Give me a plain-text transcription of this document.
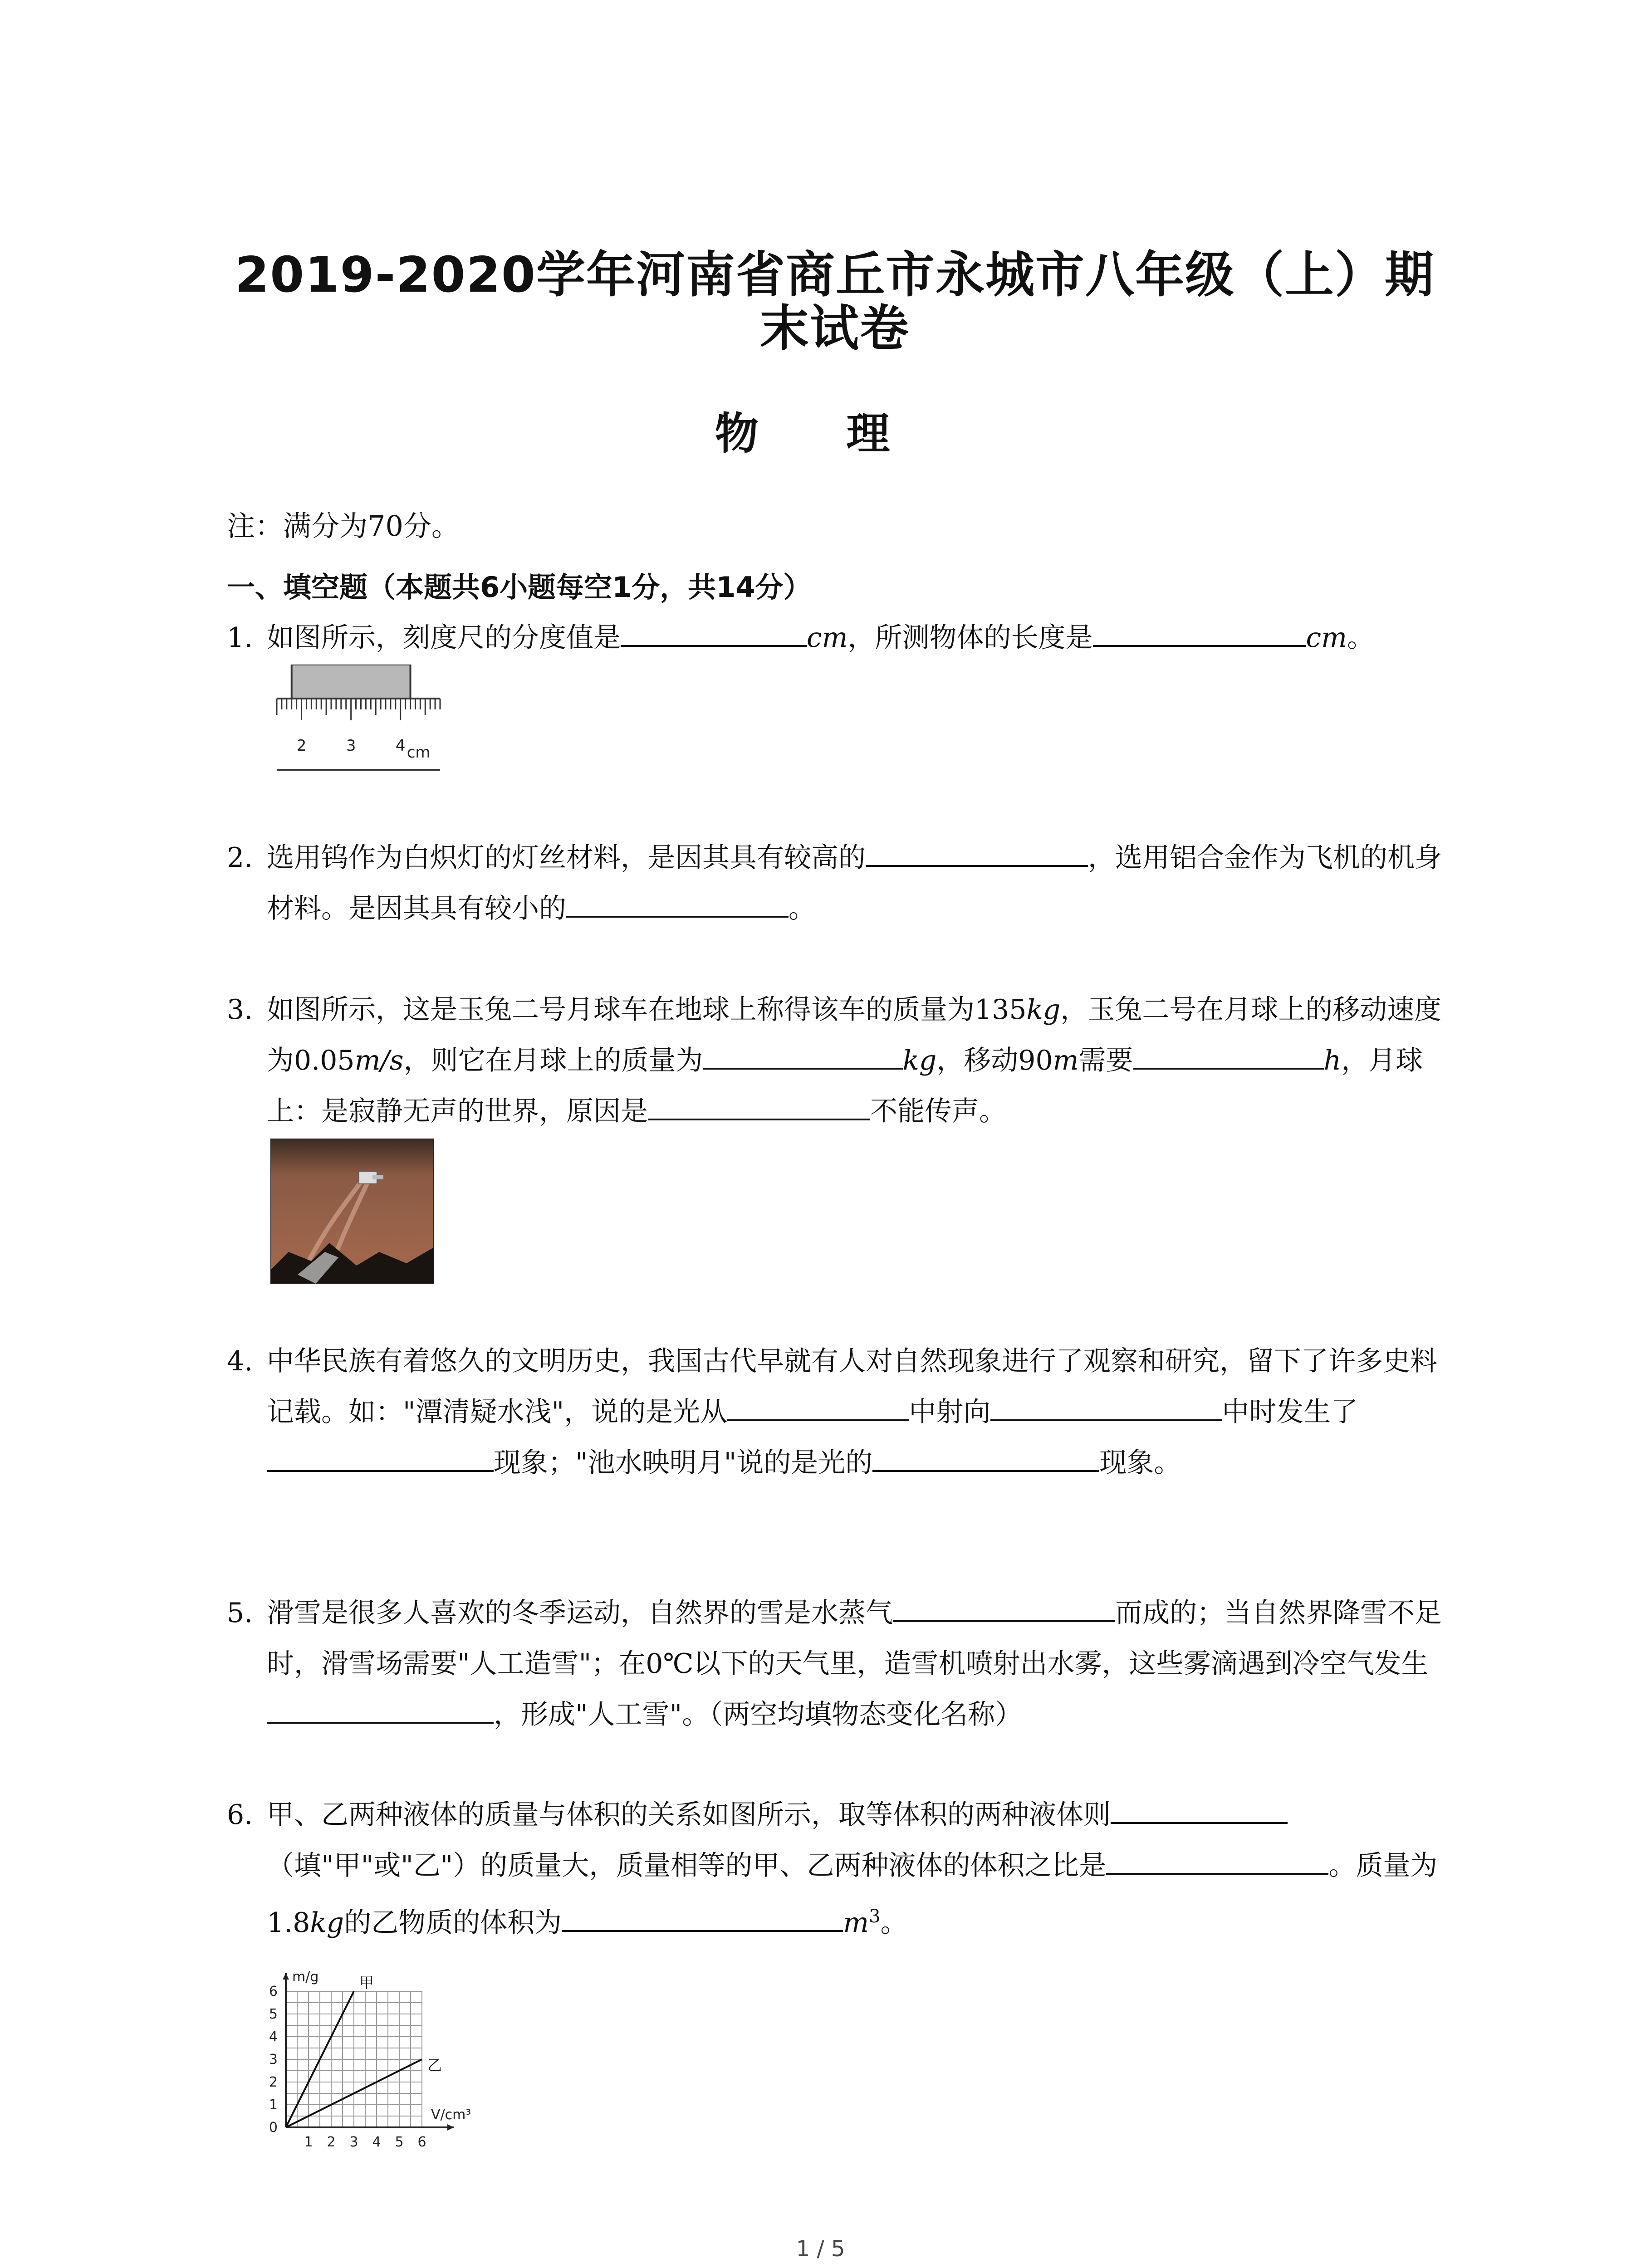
2019-2020学年河南省商丘市永城市八年级（上）期末试卷
物 理
注：满分为70分。
一、填空题（本题共6小题每空1分，共14分）
1. 如图所示，刻度尺的分度值是	cm，所测物体的长度是	cm。
2	3	4 cm
2. 选用钨作为白炽灯的灯丝材料，是因其具有较高的	，选用铝合金作为飞机的机身材料。是因其具有较小的	。
3. 如图所示，这是玉兔二号月球车在地球上称得该车的质量为135kg，玉兔二号在月球上的移动速度为0.05m/s，则它在月球上的质量为	kg，移动90m需要	h，月球上：是寂静无声的世界，原因是	不能传声。
4. 中华民族有着悠久的文明历史，我国古代早就有人对自然现象进行了观察和研究，留下了许多史料记载。如："潭清疑水浅"，说的是光从	中射向	中时发生了现象；"池水映明月"说的是光的	现象。
5. 滑雪是很多人喜欢的冬季运动，自然界的雪是水蒸气	而成的；当自然界降雪不足时，滑雪场需要"人工造雪"；在0℃以下的天气里，造雪机喷射出水雾，这些雾滴遇到冷空气发生，形成"人工雪"。（两空均填物态变化名称）
6. 甲、乙两种液体的质量与体积的关系如图所示，取等体积的两种液体则（填"甲"或"乙"）的质量大，质量相等的甲、乙两种液体的体积之比是	。质量为1.8kg的乙物质的体积为	$m^3$。
甲
乙
1 2 3 4 5 6
0
1
2
3
4
5
6
m/g
V/cm³
1 / 5
